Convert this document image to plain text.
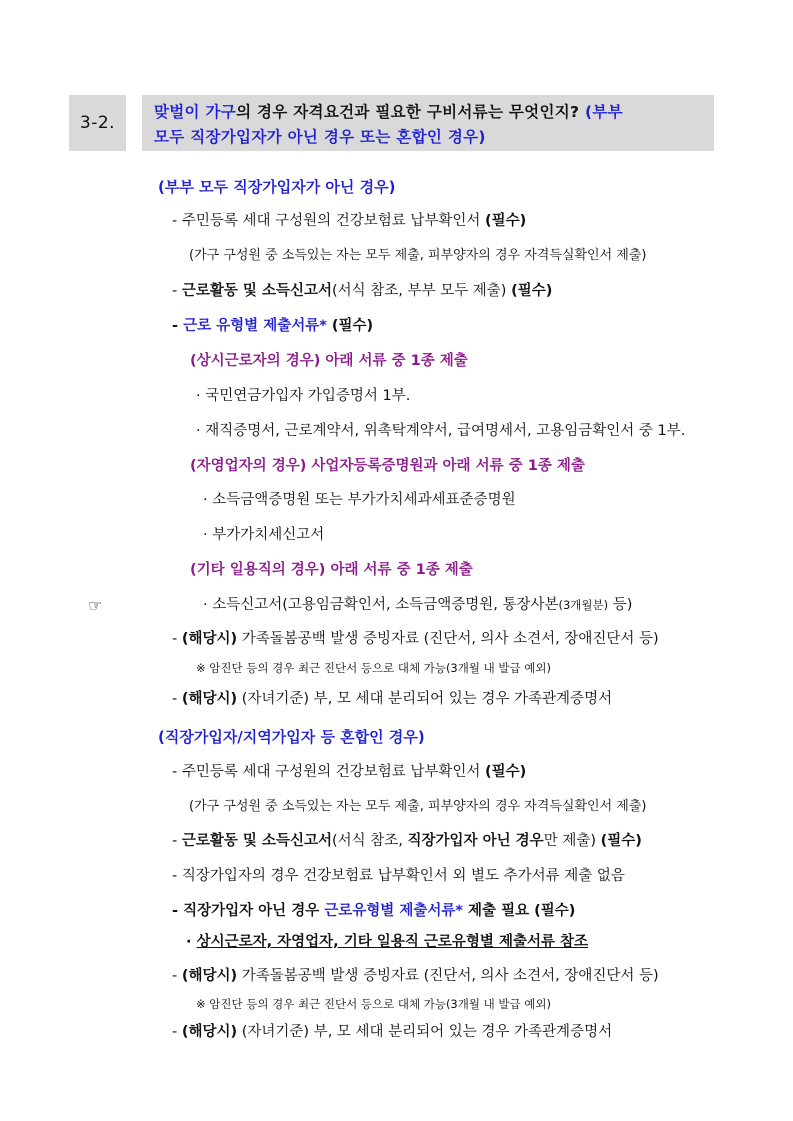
3-2.
맞벌이 가구의 경우 자격요건과 필요한 구비서류는 무엇인지? (부부
모두 직장가입자가 아닌 경우 또는 혼합인 경우)
(부부 모두 직장가입자가 아닌 경우)
- 주민등록 세대 구성원의 건강보험료 납부확인서 (필수)
(가구 구성원 중 소득있는 자는 모두 제출, 피부양자의 경우 자격득실확인서 제출)
- 근로활동 및 소득신고서(서식 참조, 부부 모두 제출) (필수)
- 근로 유형별 제출서류* (필수)
(상시근로자의 경우) 아래 서류 중 1종 제출
· 국민연금가입자 가입증명서 1부.
· 재직증명서, 근로계약서, 위촉탁계약서, 급여명세서, 고용임금확인서 중 1부.
(자영업자의 경우) 사업자등록증명원과 아래 서류 중 1종 제출
· 소득금액증명원 또는 부가가치세과세표준증명원
· 부가가치세신고서
(기타 일용직의 경우) 아래 서류 중 1종 제출
· 소득신고서(고용임금확인서, 소득금액증명원, 통장사본(3개월분) 등)
☞
- (해당시) 가족돌봄공백 발생 증빙자료 (진단서, 의사 소견서, 장애진단서 등)
※ 암진단 등의 경우 최근 진단서 등으로 대체 가능(3개월 내 발급 예외)
- (해당시) (자녀기준) 부, 모 세대 분리되어 있는 경우 가족관계증명서
(직장가입자/지역가입자 등 혼합인 경우)
- 주민등록 세대 구성원의 건강보험료 납부확인서 (필수)
(가구 구성원 중 소득있는 자는 모두 제출, 피부양자의 경우 자격득실확인서 제출)
- 근로활동 및 소득신고서(서식 참조, 직장가입자 아닌 경우만 제출) (필수)
- 직장가입자의 경우 건강보험료 납부확인서 외 별도 추가서류 제출 없음
- 직장가입자 아닌 경우 근로유형별 제출서류* 제출 필요 (필수)
· 상시근로자, 자영업자, 기타 일용직 근로유형별 제출서류 참조
- (해당시) 가족돌봄공백 발생 증빙자료 (진단서, 의사 소견서, 장애진단서 등)
※ 암진단 등의 경우 최근 진단서 등으로 대체 가능(3개월 내 발급 예외)
- (해당시) (자녀기준) 부, 모 세대 분리되어 있는 경우 가족관계증명서
